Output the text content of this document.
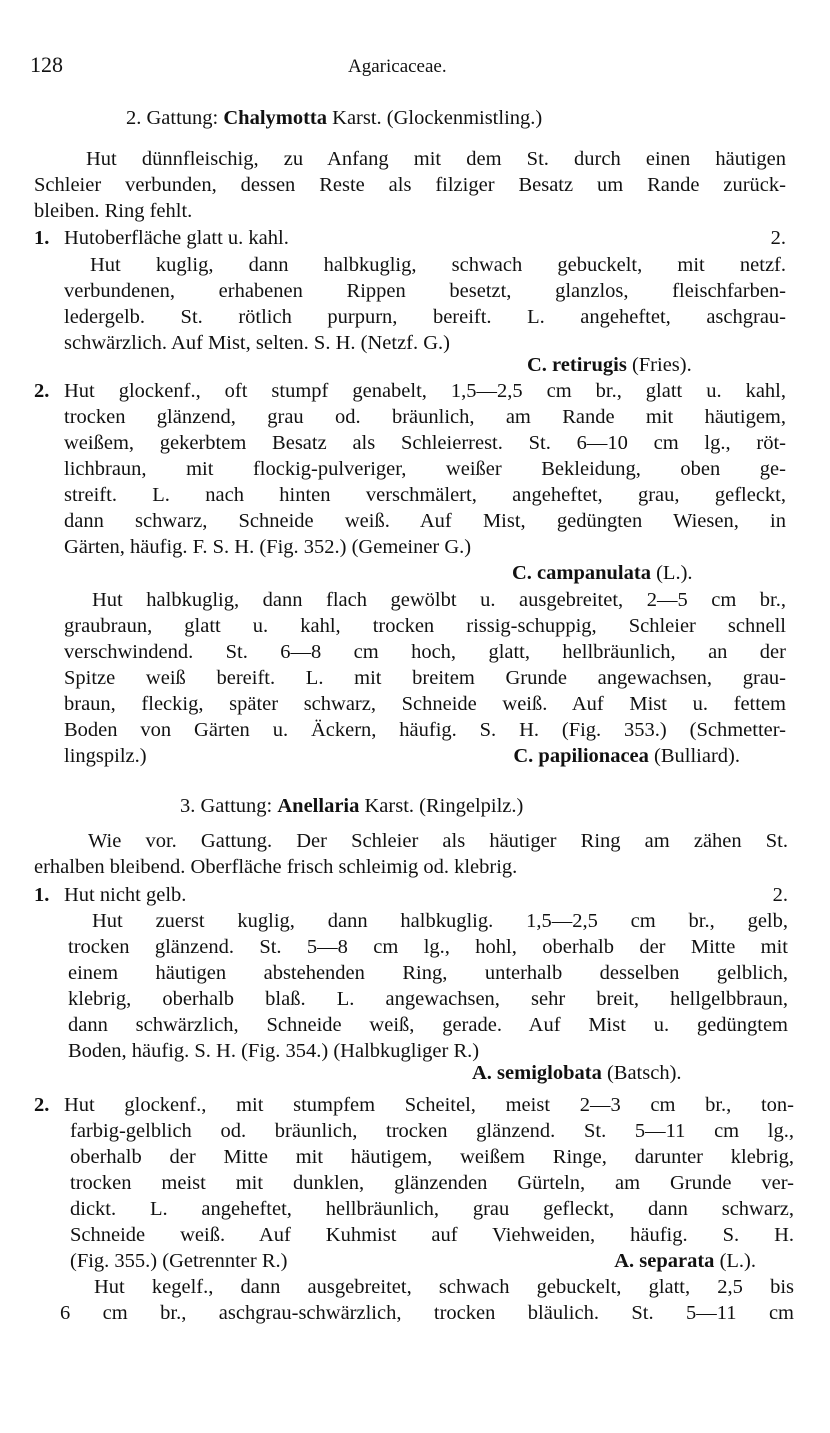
128	Agaricaceae.
2. Gattung: Chalymotta Karst. (Glockenmistling.)
Hut dünnfleischig, zu Anfang mit dem St. durch einen häutigen
Schleier verbunden, dessen Reste als filziger Besatz um Rande zurück-
bleiben. Ring fehlt.
1. Hutoberfläche glatt u. kahl.	2.
Hut kuglig, dann halbkuglig, schwach gebuckelt, mit netzf.
verbundenen, erhabenen Rippen besetzt, glanzlos, fleischfarben-
ledergelb. St. rötlich purpurn, bereift. L. angeheftet, aschgrau-
schwärzlich. Auf Mist, selten. S. H. (Netzf. G.)
C. retirugis (Fries).
2. Hut glockenf., oft stumpf genabelt, 1,5—2,5 cm br., glatt u. kahl,
trocken glänzend, grau od. bräunlich, am Rande mit häutigem,
weißem, gekerbtem Besatz als Schleierrest. St. 6—10 cm lg., röt-
lichbraun, mit flockig-pulveriger, weißer Bekleidung, oben ge-
streift. L. nach hinten verschmälert, angeheftet, grau, gefleckt,
dann schwarz, Schneide weiß. Auf Mist, gedüngten Wiesen, in
Gärten, häufig. F. S. H. (Fig. 352.) (Gemeiner G.)
C. campanulata (L.).
Hut halbkuglig, dann flach gewölbt u. ausgebreitet, 2—5 cm br.,
graubraun, glatt u. kahl, trocken rissig-schuppig, Schleier schnell
verschwindend. St. 6—8 cm hoch, glatt, hellbräunlich, an der
Spitze weiß bereift. L. mit breitem Grunde angewachsen, grau-
braun, fleckig, später schwarz, Schneide weiß. Auf Mist u. fettem
Boden von Gärten u. Äckern, häufig. S. H. (Fig. 353.) (Schmetter-
lingspilz.)	C. papilionacea (Bulliard).
3. Gattung: Anellaria Karst. (Ringelpilz.)
Wie vor. Gattung. Der Schleier als häutiger Ring am zähen St.
erhalben bleibend. Oberfläche frisch schleimig od. klebrig.
1. Hut nicht gelb.	2.
Hut zuerst kuglig, dann halbkuglig. 1,5—2,5 cm br., gelb,
trocken glänzend. St. 5—8 cm lg., hohl, oberhalb der Mitte mit
einem häutigen abstehenden Ring, unterhalb desselben gelblich,
klebrig, oberhalb blaß. L. angewachsen, sehr breit, hellgelbbraun,
dann schwärzlich, Schneide weiß, gerade. Auf Mist u. gedüngtem
Boden, häufig. S. H. (Fig. 354.) (Halbkugliger R.)
A. semiglobata (Batsch).
2. Hut glockenf., mit stumpfem Scheitel, meist 2—3 cm br., ton-
farbig-gelblich od. bräunlich, trocken glänzend. St. 5—11 cm lg.,
oberhalb der Mitte mit häutigem, weißem Ringe, darunter klebrig,
trocken meist mit dunklen, glänzenden Gürteln, am Grunde ver-
dickt. L. angeheftet, hellbräunlich, grau gefleckt, dann schwarz,
Schneide weiß. Auf Kuhmist auf Viehweiden, häufig. S. H.
(Fig. 355.) (Getrennter R.)	A. separata (L.).
Hut kegelf., dann ausgebreitet, schwach gebuckelt, glatt, 2,5 bis
6 cm br., aschgrau-schwärzlich, trocken bläulich. St. 5—11 cm
